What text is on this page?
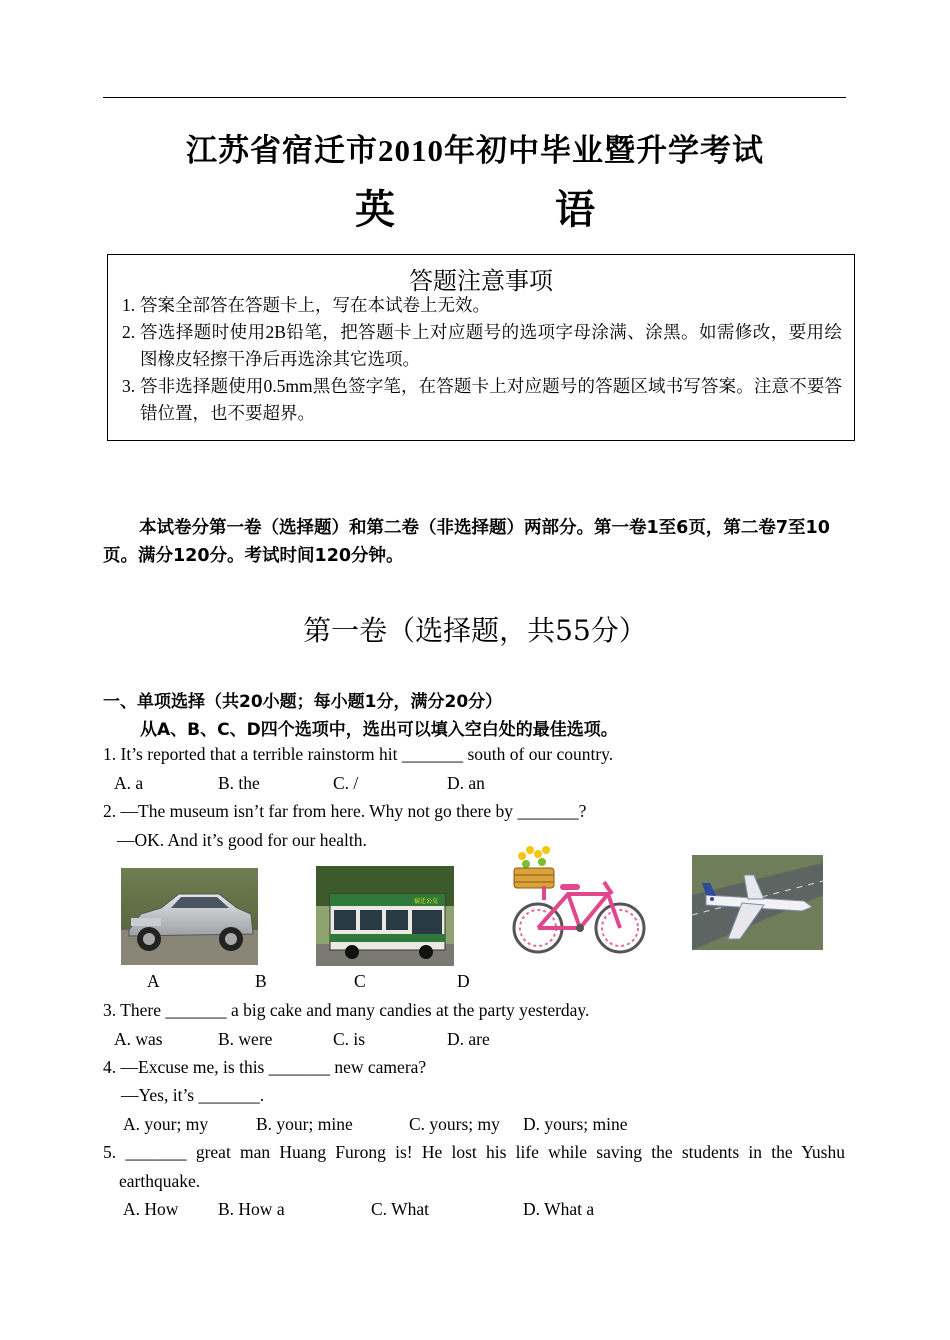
江苏省宿迁市2010年初中毕业暨升学考试
英	语
答题注意事项
1. 答案全部答在答题卡上，写在本试卷上无效。
2. 答选择题时使用2B铅笔，把答题卡上对应题号的选项字母涂满、涂黑。如需修改，要用绘图橡皮轻擦干净后再选涂其它选项。
3. 答非选择题使用0.5mm黑色签字笔，在答题卡上对应题号的答题区域书写答案。注意不要答错位置，也不要超界。
本试卷分第一卷（选择题）和第二卷（非选择题）两部分。第一卷1至6页，第二卷7至10页。满分120分。考试时间120分钟。
第一卷（选择题，共55分）
一、单项选择（共20小题；每小题1分，满分20分）
从A、B、C、D四个选项中，选出可以填入空白处的最佳选项。
1. It’s reported that a terrible rainstorm hit _______ south of our country.
A. a	B. the	C. /	D. an
2. —The museum isn’t far from here. Why not go there by _______?
—OK. And it’s good for our health.
宿迁公交
A	B	C	D
3. There _______ a big cake and many candies at the party yesterday.
A. was	B. were	C. is	D. are
4. —Excuse me, is this _______ new camera?
—Yes, it’s _______.
A. your; my	B. your; mine	C. yours; my D. yours; mine
5. _______ great man Huang Furong is! He lost his life while saving the students in the Yushu
earthquake.
A. How B. How a	C. What	D. What a
